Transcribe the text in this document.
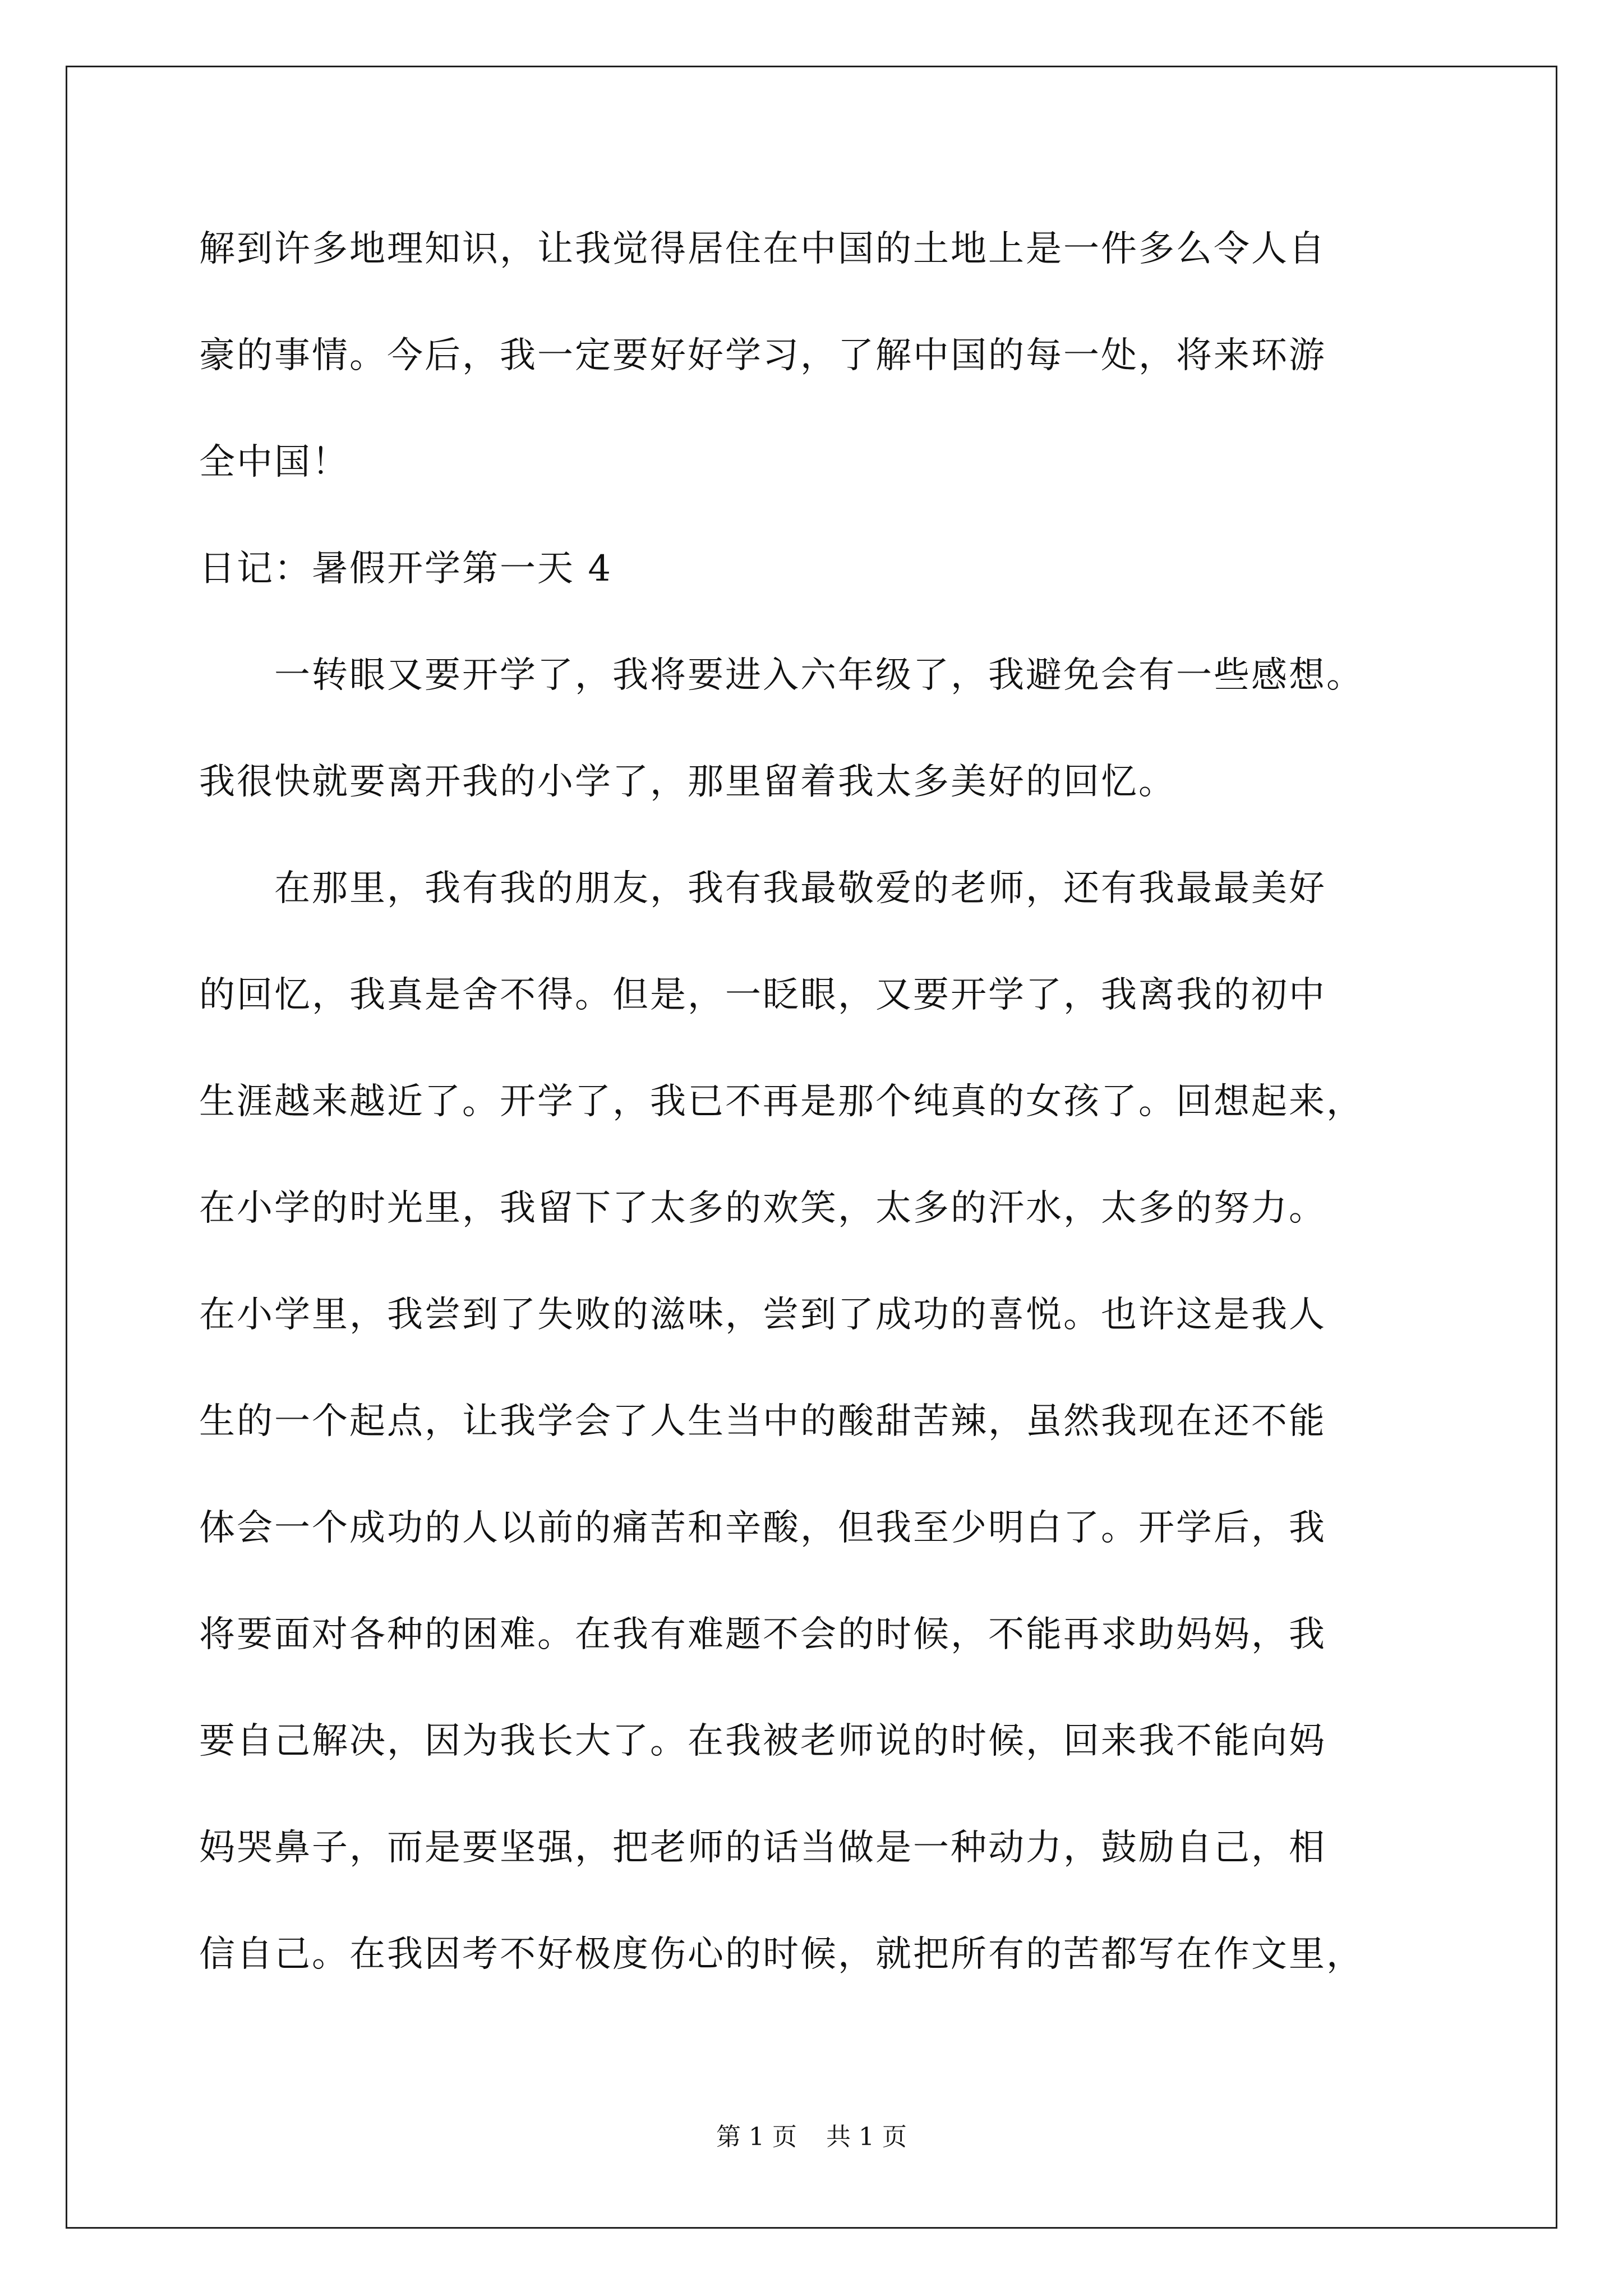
解到许多地理知识，让我觉得居住在中国的土地上是一件多么令人自
豪的事情。今后，我一定要好好学习，了解中国的每一处，将来环游
全中国！
日记：暑假开学第一天 4
　　一转眼又要开学了，我将要进入六年级了，我避免会有一些感想。
我很快就要离开我的小学了，那里留着我太多美好的回忆。
　　在那里，我有我的朋友，我有我最敬爱的老师，还有我最最美好
的回忆，我真是舍不得。但是，一眨眼，又要开学了，我离我的初中
生涯越来越近了。开学了，我已不再是那个纯真的女孩了。回想起来，
在小学的时光里，我留下了太多的欢笑，太多的汗水，太多的努力。
在小学里，我尝到了失败的滋味，尝到了成功的喜悦。也许这是我人
生的一个起点，让我学会了人生当中的酸甜苦辣，虽然我现在还不能
体会一个成功的人以前的痛苦和辛酸，但我至少明白了。开学后，我
将要面对各种的困难。在我有难题不会的时候，不能再求助妈妈，我
要自己解决，因为我长大了。在我被老师说的时候，回来我不能向妈
妈哭鼻子，而是要坚强，把老师的话当做是一种动力，鼓励自己，相
信自己。在我因考不好极度伤心的时候，就把所有的苦都写在作文里，
第 1 页 共 1 页
